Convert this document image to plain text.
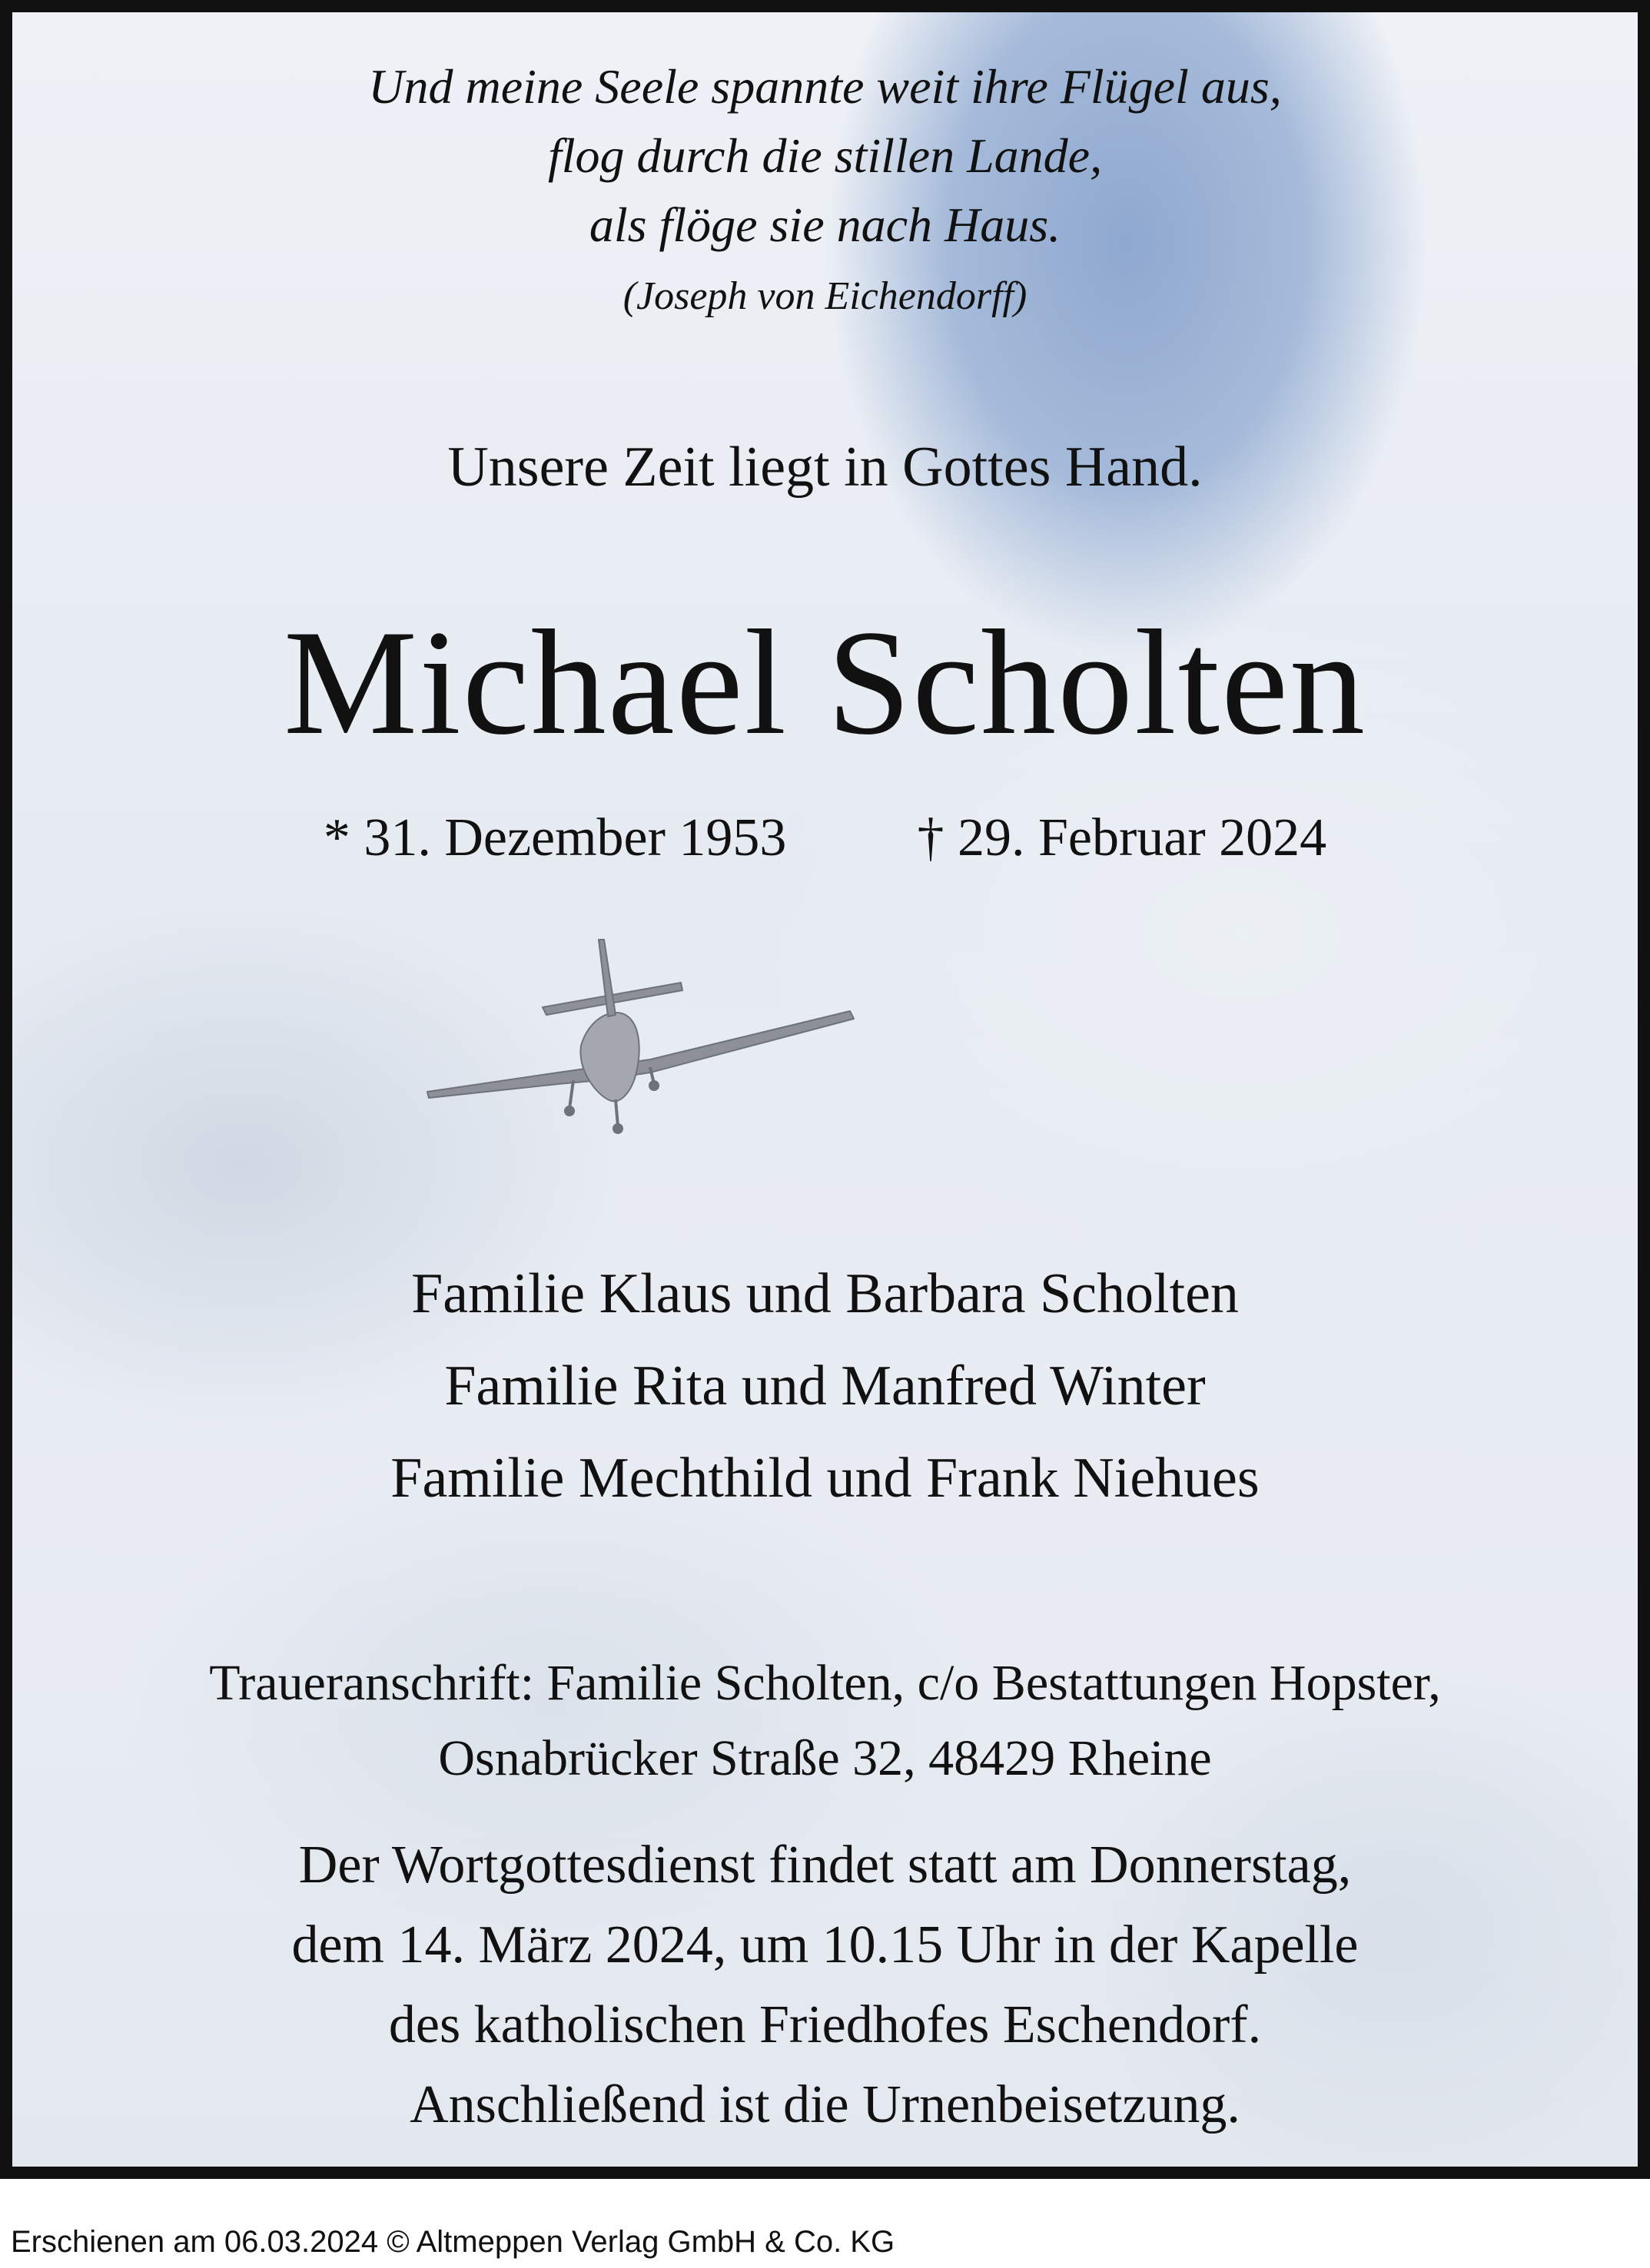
Und meine Seele spannte weit ihre Flügel aus,
flog durch die stillen Lande,
als flöge sie nach Haus.
(Joseph von Eichendorff)
Unsere Zeit liegt in Gottes Hand.
Michael Scholten
* 31. Dezember 1953 † 29. Februar 2024
Familie Klaus und Barbara Scholten
Familie Rita und Manfred Winter
Familie Mechthild und Frank Niehues
Traueranschrift: Familie Scholten, c/o Bestattungen Hopster,
Osnabrücker Straße 32, 48429 Rheine
Der Wortgottesdienst findet statt am Donnerstag,
dem 14. März 2024, um 10.15 Uhr in der Kapelle
des katholischen Friedhofes Eschendorf.
Anschließend ist die Urnenbeisetzung.
Erschienen am 06.03.2024 © Altmeppen Verlag GmbH & Co. KG
